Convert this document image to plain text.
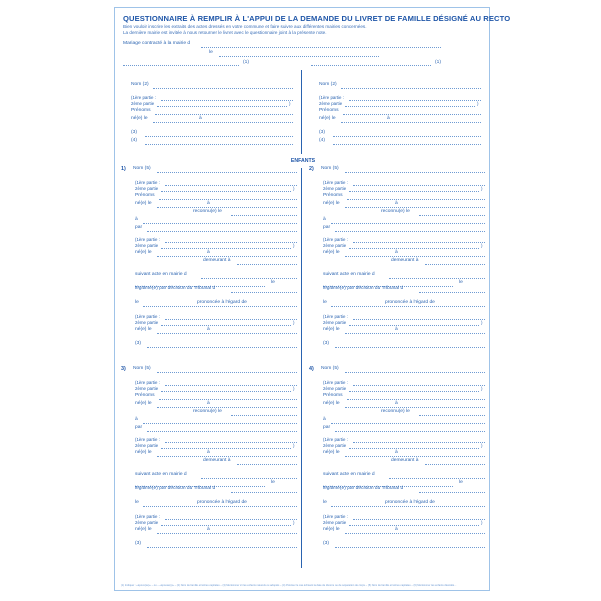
QUESTIONNAIRE À REMPLIR À L'APPUI DE LA DEMANDE DU LIVRET DE FAMILLE DÉSIGNÉ AU RECTO
Bien vouloir inscrire les extraits des actes dressés en votre commune et faire suivre aux différentes mairies concernées.
La dernière mairie est invitée à nous retourner le livret avec le questionnaire joint à la présente note.
Mariage contracté à la mairie d
le
(1)	(1)
Nom (2)
(1ère partie :
2ème partie	)
Prénoms
né(e) le	à
(3)
(4)
Nom (2)
(1ère partie :
2ème partie	)
Prénoms
né(e) le	à
(3)
(4)
ENFANTS
1) Nom (5)
(1ère partie :
2ème partie	)
Prénoms
né(e) le	à
reconnu(e) le
à
par
(1ère partie :
2ème partie	)
né(e) le	à
demeurant à
suivant acte en mairie d
le
légitimé(e) par décision du Tribunal d
le	prononcée à l'égard de
(1ère partie :
2ème partie	)
né(e) le	à
(3)
2) Nom (5)
(1ère partie :
2ème partie	)
Prénoms
né(e) le	à
reconnu(e) le
à
par
(1ère partie :
2ème partie	)
né(e) le	à
demeurant à
suivant acte en mairie d
le
légitimé(e) par décision du Tribunal d
le	prononcée à l'égard de
(1ère partie :
2ème partie	)
né(e) le	à
(3)
3) Nom (5)
(1ère partie :
2ème partie	)
Prénoms
né(e) le	à
reconnu(e) le
à
par
(1ère partie :
2ème partie	)
né(e) le	à
demeurant à
suivant acte en mairie d
le
légitimé(e) par décision du Tribunal d
le	prononcée à l'égard de
(1ère partie :
2ème partie	)
né(e) le	à
(3)
4) Nom (5)
(1ère partie :
2ème partie	)
Prénoms
né(e) le	à
reconnu(e) le
à
par
(1ère partie :
2ème partie	)
né(e) le	à
demeurant à
suivant acte en mairie d
le
légitimé(e) par décision du Tribunal d
le	prononcée à l'égard de
(1ère partie :
2ème partie	)
né(e) le	à
(3)
(1) Indiquer : «époux(se)» – ou – «épouse(s)» – (2) Nom de famille et lettres capitales – (3) Mentionner ici les enfants naturels ou adoptés – (4) Préciser le cas échéant la date de divorce ou de séparation de corps – (5) Nom de famille et lettres capitales – (6) Mentionner les enfants décédés...
